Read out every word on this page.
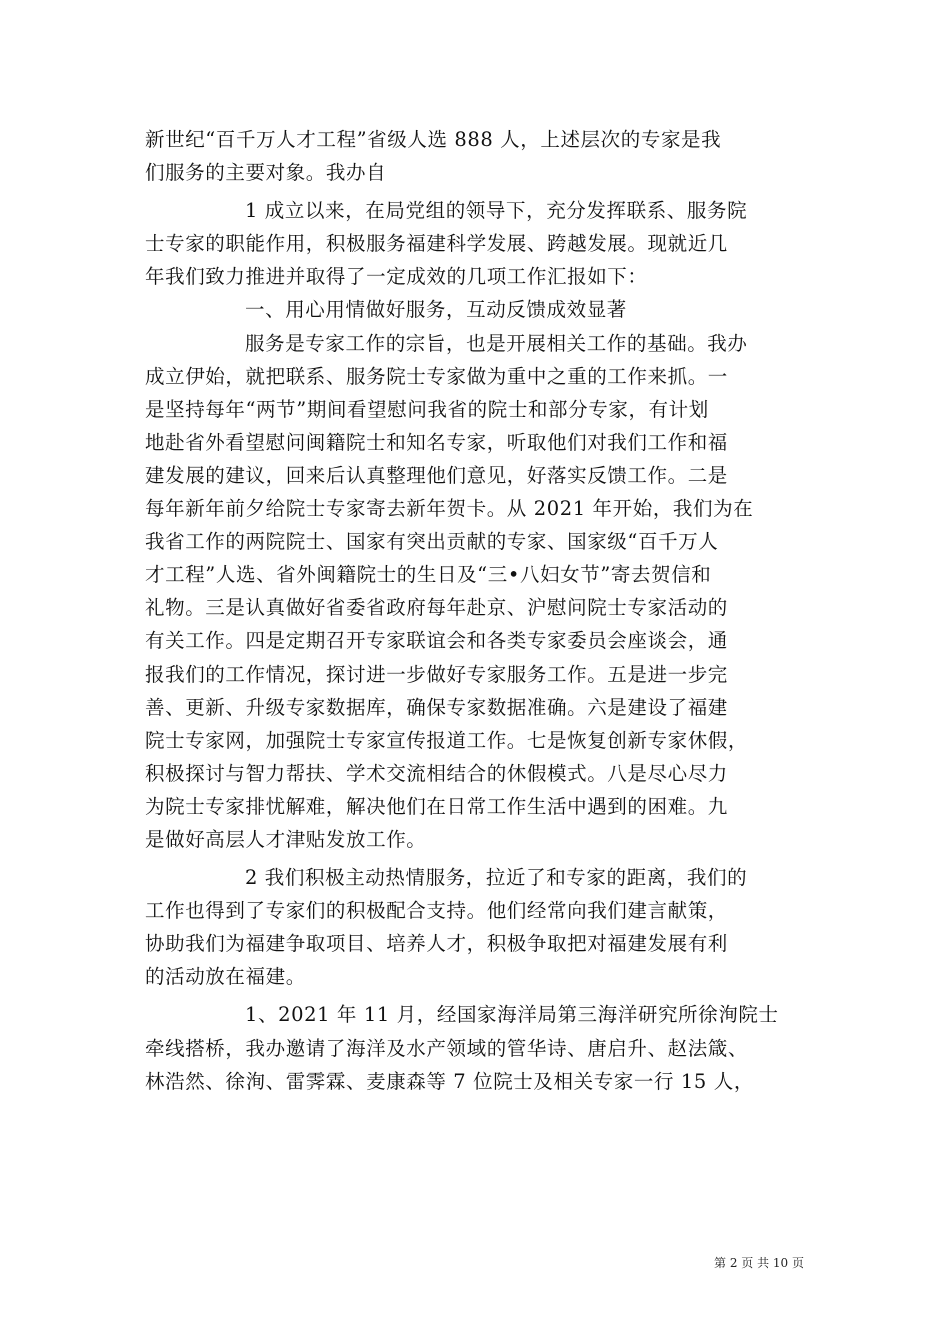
新世纪“百千万人才工程”省级人选 888 人，上述层次的专家是我
们服务的主要对象。我办自
1 成立以来，在局党组的领导下，充分发挥联系、服务院
士专家的职能作用，积极服务福建科学发展、跨越发展。现就近几
年我们致力推进并取得了一定成效的几项工作汇报如下：
一、用心用情做好服务，互动反馈成效显著
服务是专家工作的宗旨，也是开展相关工作的基础。我办
成立伊始，就把联系、服务院士专家做为重中之重的工作来抓。一
是坚持每年“两节”期间看望慰问我省的院士和部分专家，有计划
地赴省外看望慰问闽籍院士和知名专家，听取他们对我们工作和福
建发展的建议，回来后认真整理他们意见，好落实反馈工作。二是
每年新年前夕给院士专家寄去新年贺卡。从 2021 年开始，我们为在
我省工作的两院院士、国家有突出贡献的专家、国家级“百千万人
才工程”人选、省外闽籍院士的生日及“三•八妇女节”寄去贺信和
礼物。三是认真做好省委省政府每年赴京、沪慰问院士专家活动的
有关工作。四是定期召开专家联谊会和各类专家委员会座谈会，通
报我们的工作情况，探讨进一步做好专家服务工作。五是进一步完
善、更新、升级专家数据库，确保专家数据准确。六是建设了福建
院士专家网，加强院士专家宣传报道工作。七是恢复创新专家休假，
积极探讨与智力帮扶、学术交流相结合的休假模式。八是尽心尽力
为院士专家排忧解难，解决他们在日常工作生活中遇到的困难。九
是做好高层人才津贴发放工作。
2 我们积极主动热情服务，拉近了和专家的距离，我们的
工作也得到了专家们的积极配合支持。他们经常向我们建言献策，
协助我们为福建争取项目、培养人才，积极争取把对福建发展有利
的活动放在福建。
1、2021 年 11 月，经国家海洋局第三海洋研究所徐洵院士
牵线搭桥，我办邀请了海洋及水产领域的管华诗、唐启升、赵法箴、
林浩然、徐洵、雷霁霖、麦康森等 7 位院士及相关专家一行 15 人，
第 2 页 共 10 页
